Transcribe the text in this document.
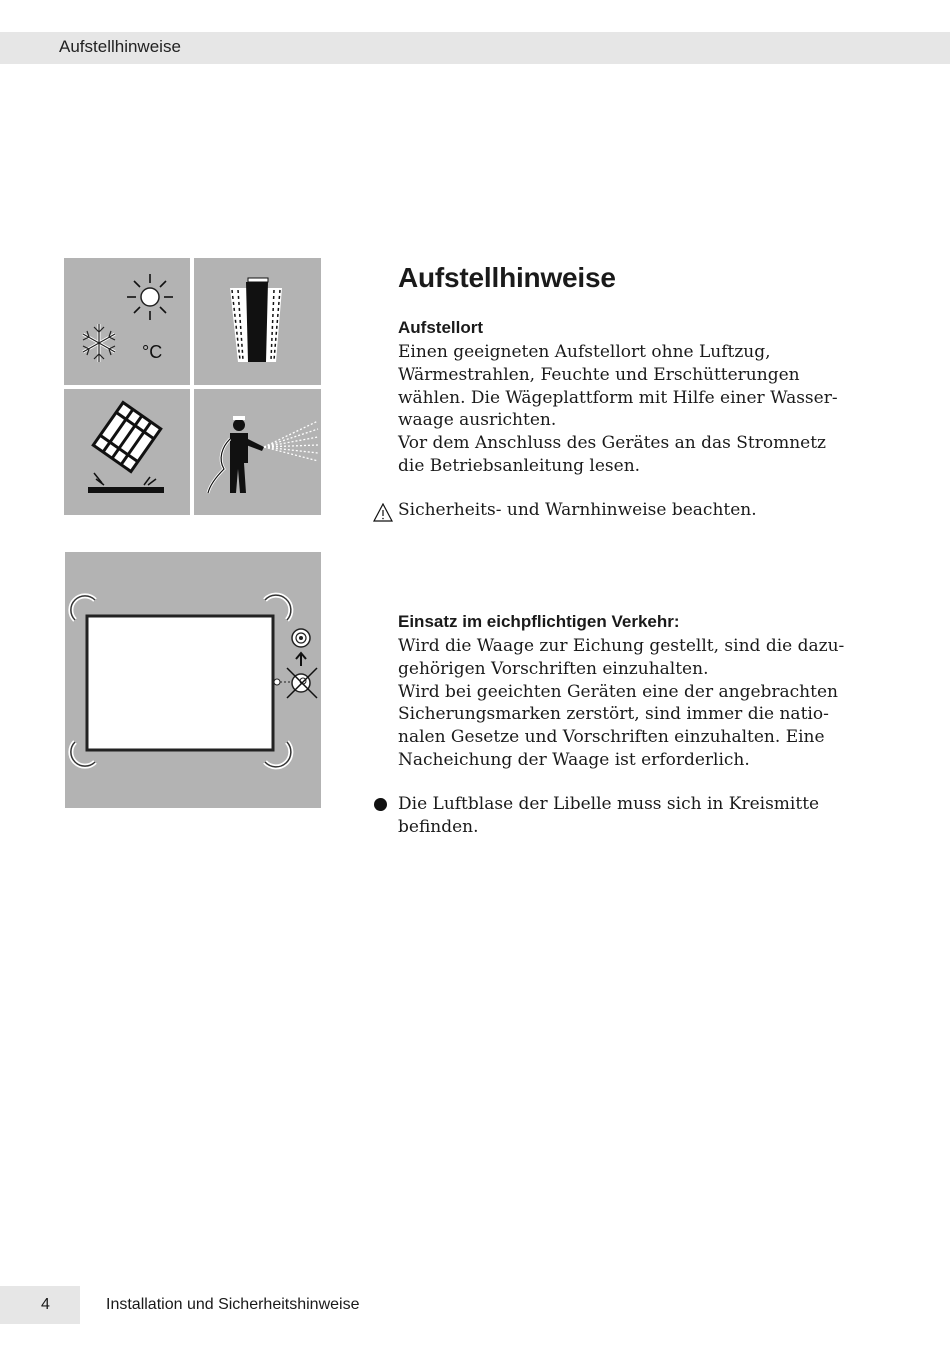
Aufstellhinweise
°C
Aufstellhinweise
Aufstellort
Einen geeigneten Aufstellort ohne Luftzug,
Wärmestrahlen, Feuchte und Erschütterungen
wählen. Die Wägeplattform mit Hilfe einer Wasser-
waage ausrichten.
Vor dem Anschluss des Gerätes an das Stromnetz
die Betriebsanleitung lesen.
Sicherheits- und Warnhinweise beachten.
Einsatz im eichpflichtigen Verkehr:
Wird die Waage zur Eichung gestellt, sind die dazu-
gehörigen Vorschriften einzuhalten.
Wird bei geeichten Geräten eine der angebrachten
Sicherungsmarken zerstört, sind immer die natio-
nalen Gesetze und Vorschriften einzuhalten. Eine
Nacheichung der Waage ist erforderlich.
Die Luftblase der Libelle muss sich in Kreismitte
befinden.
4	Installation und Sicherheitshinweise
